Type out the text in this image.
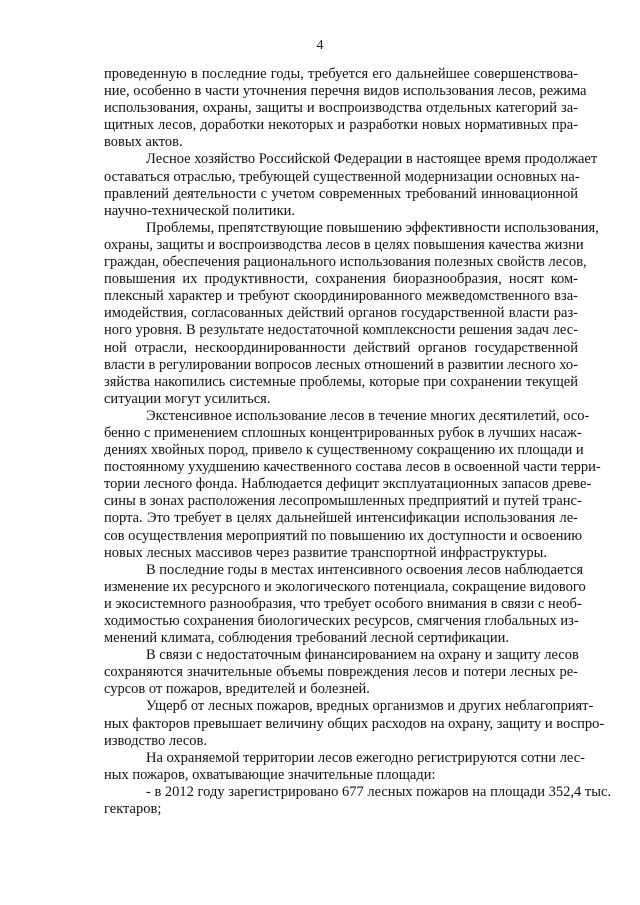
4
проведенную в последние годы, требуется его дальнейшее совершенствова-
ние, особенно в части уточнения перечня видов использования лесов, режима
использования, охраны, защиты и воспроизводства отдельных категорий за-
щитных лесов, доработки некоторых и разработки новых нормативных пра-
вовых актов.
Лесное хозяйство Российской Федерации в настоящее время продолжает
оставаться отраслью, требующей существенной модернизации основных на-
правлений деятельности с учетом современных требований инновационной
научно-технической политики.
Проблемы, препятствующие повышению эффективности использования,
охраны, защиты и воспроизводства лесов в целях повышения качества жизни
граждан, обеспечения рационального использования полезных свойств лесов,
повышения их продуктивности, сохранения биоразнообразия, носят ком-
плексный характер и требуют скоординированного межведомственного вза-
имодействия, согласованных действий органов государственной власти раз-
ного уровня. В результате недостаточной комплексности решения задач лес-
ной отрасли, нескоординированности действий органов государственной
власти в регулировании вопросов лесных отношений в развитии лесного хо-
зяйства накопились системные проблемы, которые при сохранении текущей
ситуации могут усилиться.
Экстенсивное использование лесов в течение многих десятилетий, осо-
бенно с применением сплошных концентрированных рубок в лучших насаж-
дениях хвойных пород, привело к существенному сокращению их площади и
постоянному ухудшению качественного состава лесов в освоенной части терри-
тории лесного фонда. Наблюдается дефицит эксплуатационных запасов древе-
сины в зонах расположения лесопромышленных предприятий и путей транс-
порта. Это требует в целях дальнейшей интенсификации использования ле-
сов осуществления мероприятий по повышению их доступности и освоению
новых лесных массивов через развитие транспортной инфраструктуры.
В последние годы в местах интенсивного освоения лесов наблюдается
изменение их ресурсного и экологического потенциала, сокращение видового
и экосистемного разнообразия, что требует особого внимания в связи с необ-
ходимостью сохранения биологических ресурсов, смягчения глобальных из-
менений климата, соблюдения требований лесной сертификации.
В связи с недостаточным финансированием на охрану и защиту лесов
сохраняются значительные объемы повреждения лесов и потери лесных ре-
сурсов от пожаров, вредителей и болезней.
Ущерб от лесных пожаров, вредных организмов и других неблагоприят-
ных факторов превышает величину общих расходов на охрану, защиту и воспро-
изводство лесов.
На охраняемой территории лесов ежегодно регистрируются сотни лес-
ных пожаров, охватывающие значительные площади:
- в 2012 году зарегистрировано 677 лесных пожаров на площади 352,4 тыс.
гектаров;
